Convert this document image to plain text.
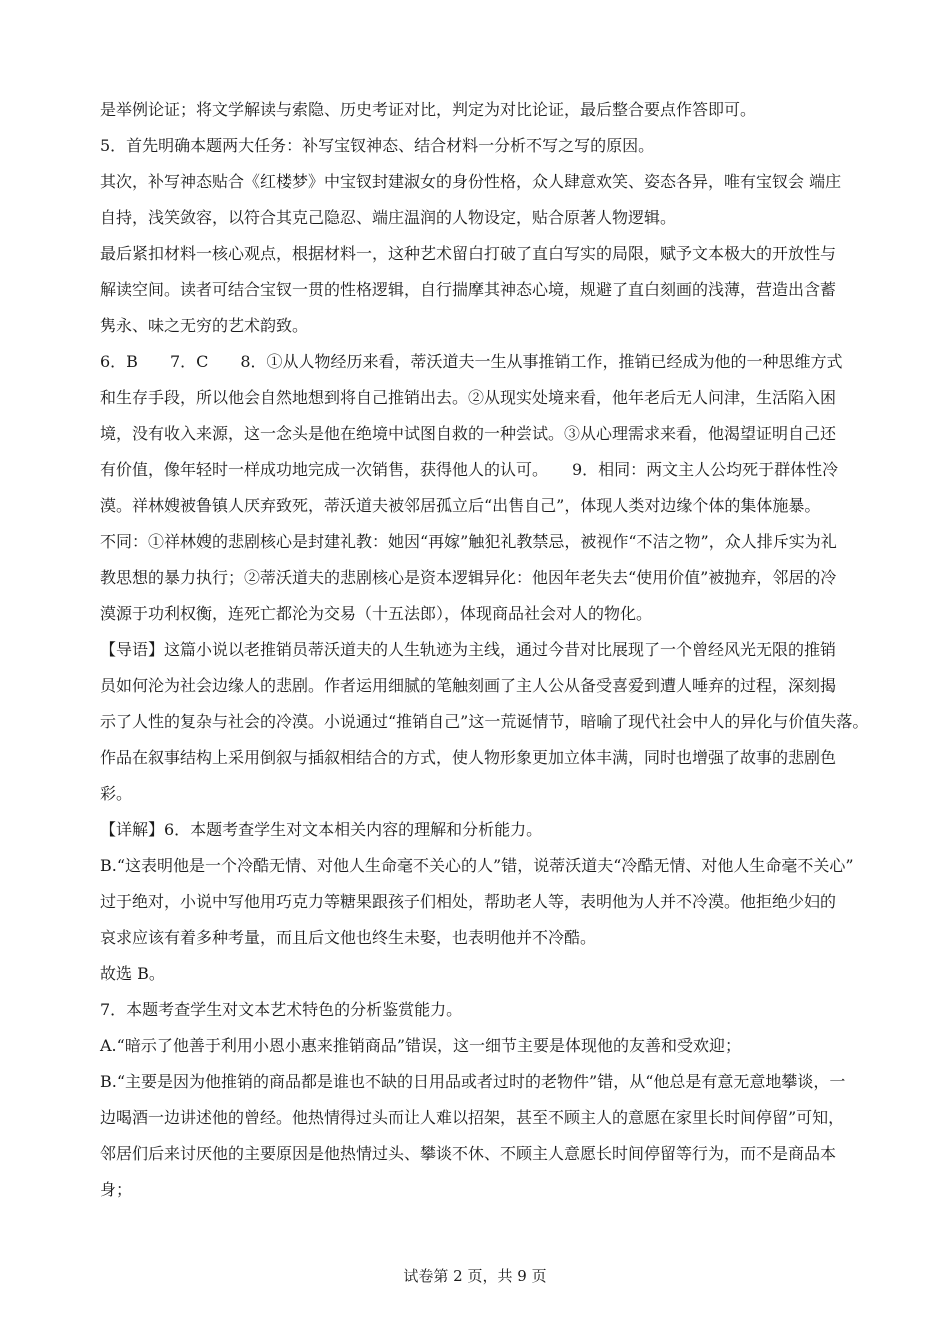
是举例论证；将文学解读与索隐、历史考证对比，判定为对比论证，最后整合要点作答即可。
5．首先明确本题两大任务：补写宝钗神态、结合材料一分析不写之写的原因。
其次，补写神态贴合《红楼梦》中宝钗封建淑女的身份性格，众人肆意欢笑、姿态各异，唯有宝钗会 端庄
自持，浅笑敛容，以符合其克己隐忍、端庄温润的人物设定，贴合原著人物逻辑。
最后紧扣材料一核心观点，根据材料一，这种艺术留白打破了直白写实的局限，赋予文本极大的开放性与
解读空间。读者可结合宝钗一贯的性格逻辑，自行揣摩其神态心境，规避了直白刻画的浅薄，营造出含蓄
隽永、味之无穷的艺术韵致。
6．B　　7．C　　8．①从人物经历来看，蒂沃道夫一生从事推销工作，推销已经成为他的一种思维方式
和生存手段，所以他会自然地想到将自己推销出去。②从现实处境来看，他年老后无人问津，生活陷入困
境，没有收入来源，这一念头是他在绝境中试图自救的一种尝试。③从心理需求来看，他渴望证明自己还
有价值，像年轻时一样成功地完成一次销售，获得他人的认可。　　9．相同：两文主人公均死于群体性冷
漠。祥林嫂被鲁镇人厌弃致死，蒂沃道夫被邻居孤立后“出售自己”，体现人类对边缘个体的集体施暴。
不同：①祥林嫂的悲剧核心是封建礼教：她因“再嫁”触犯礼教禁忌，被视作“不洁之物”，众人排斥实为礼
教思想的暴力执行；②蒂沃道夫的悲剧核心是资本逻辑异化：他因年老失去“使用价值”被抛弃，邻居的冷
漠源于功利权衡，连死亡都沦为交易（十五法郎），体现商品社会对人的物化。
【导语】这篇小说以老推销员蒂沃道夫的人生轨迹为主线，通过今昔对比展现了一个曾经风光无限的推销
员如何沦为社会边缘人的悲剧。作者运用细腻的笔触刻画了主人公从备受喜爱到遭人唾弃的过程，深刻揭
示了人性的复杂与社会的冷漠。小说通过“推销自己”这一荒诞情节，暗喻了现代社会中人的异化与价值失落。
作品在叙事结构上采用倒叙与插叙相结合的方式，使人物形象更加立体丰满，同时也增强了故事的悲剧色
彩。
【详解】6．本题考查学生对文本相关内容的理解和分析能力。
B.“这表明他是一个冷酷无情、对他人生命毫不关心的人”错，说蒂沃道夫“冷酷无情、对他人生命毫不关心”
过于绝对，小说中写他用巧克力等糖果跟孩子们相处，帮助老人等，表明他为人并不冷漠。他拒绝少妇的
哀求应该有着多种考量，而且后文他也终生未娶，也表明他并不冷酷。
故选 B。
7．本题考查学生对文本艺术特色的分析鉴赏能力。
A.“暗示了他善于利用小恩小惠来推销商品”错误，这一细节主要是体现他的友善和受欢迎；
B.“主要是因为他推销的商品都是谁也不缺的日用品或者过时的老物件”错，从“他总是有意无意地攀谈，一
边喝酒一边讲述他的曾经。他热情得过头而让人难以招架，甚至不顾主人的意愿在家里长时间停留”可知，
邻居们后来讨厌他的主要原因是他热情过头、攀谈不休、不顾主人意愿长时间停留等行为，而不是商品本
身；
试卷第 2 页，共 9 页
